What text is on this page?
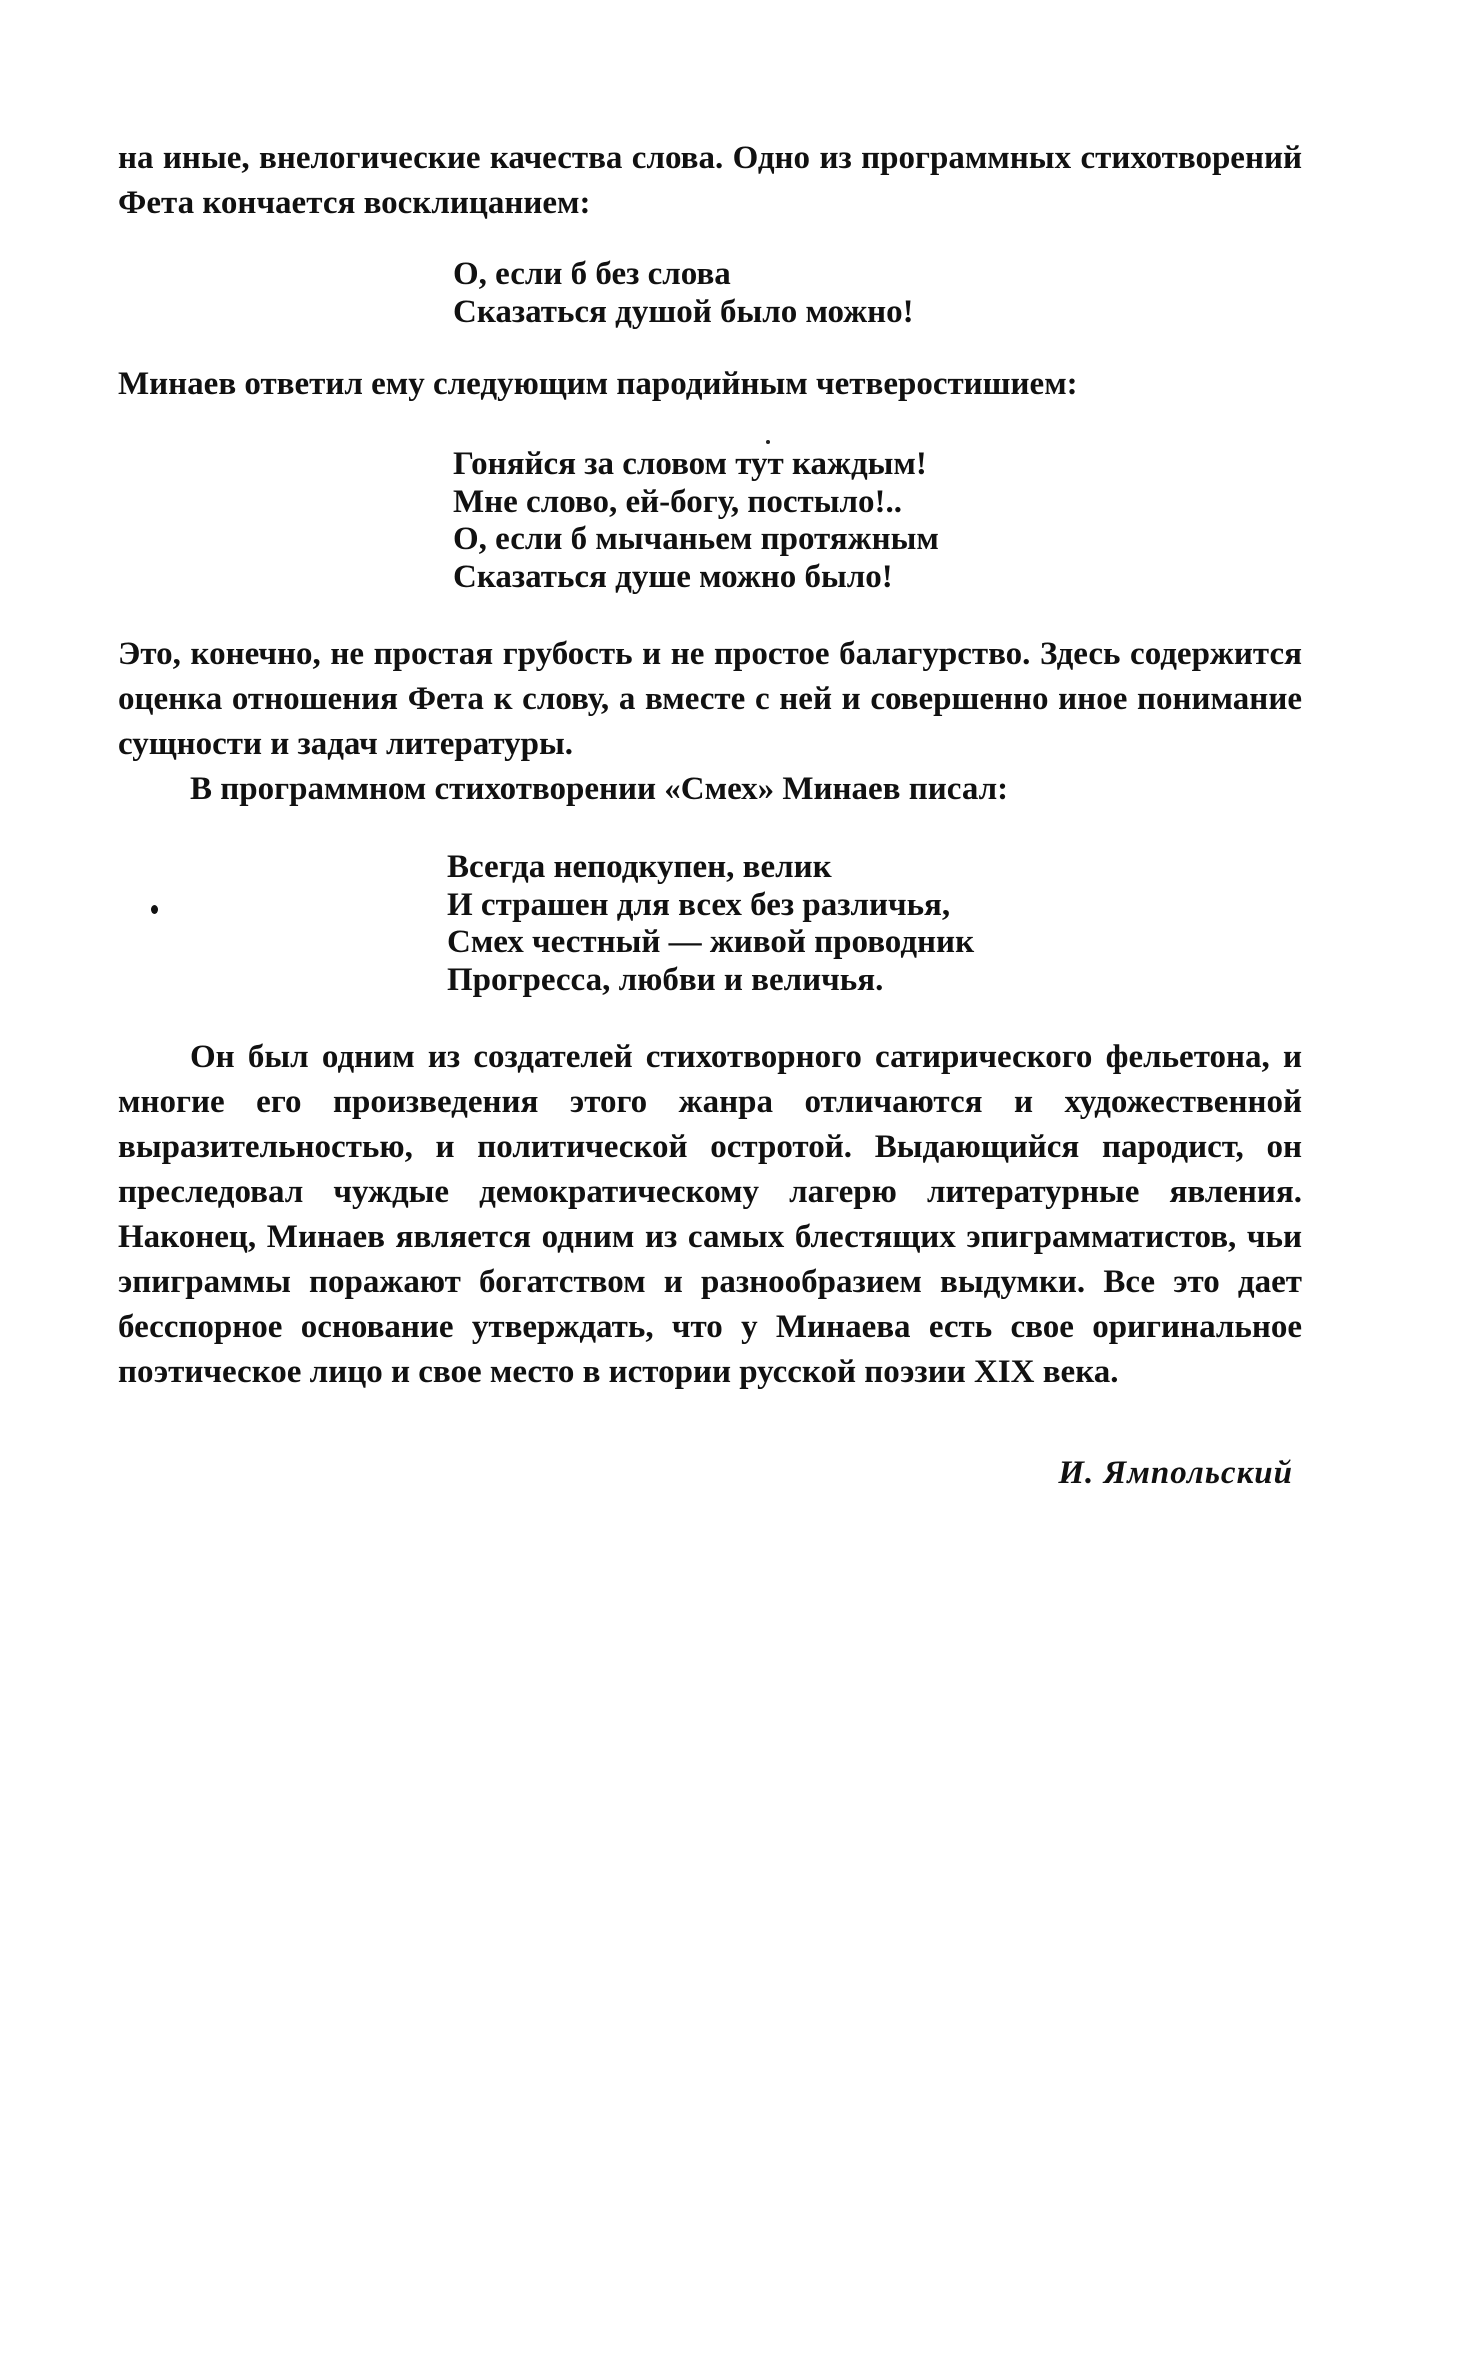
на иные, внелогические качества слова. Одно из программных стихотворений Фета кончается восклицанием:

О, если б без слова
Сказаться душой было можно!

Минаев ответил ему следующим пародийным четверостишием:

Гоняйся за словом тут каждым!
Мне слово, ей-богу, постыло!..
О, если б мычаньем протяжным
Сказаться душе можно было!

Это, конечно, не простая грубость и не простое балагурство. Здесь содержится оценка отношения Фета к слову, а вместе с ней и совершенно иное понимание сущности и задач литературы.

В программном стихотворении «Смех» Минаев писал:

Всегда неподкупен, велик
И страшен для всех без различья,
Смех честный — живой проводник
Прогресса, любви и величья.

Он был одним из создателей стихотворного сатирического фельетона, и многие его произведения этого жанра отличаются и художественной выразительностью, и политической остротой. Выдающийся пародист, он преследовал чуждые демократическому лагерю литературные явления. Наконец, Минаев является одним из самых блестящих эпиграмматистов, чьи эпиграммы поражают богатством и разнообразием выдумки. Все это дает бесспорное основание утверждать, что у Минаева есть свое оригинальное поэтическое лицо и свое место в истории русской поэзии XIX века.

И. Ямпольский
